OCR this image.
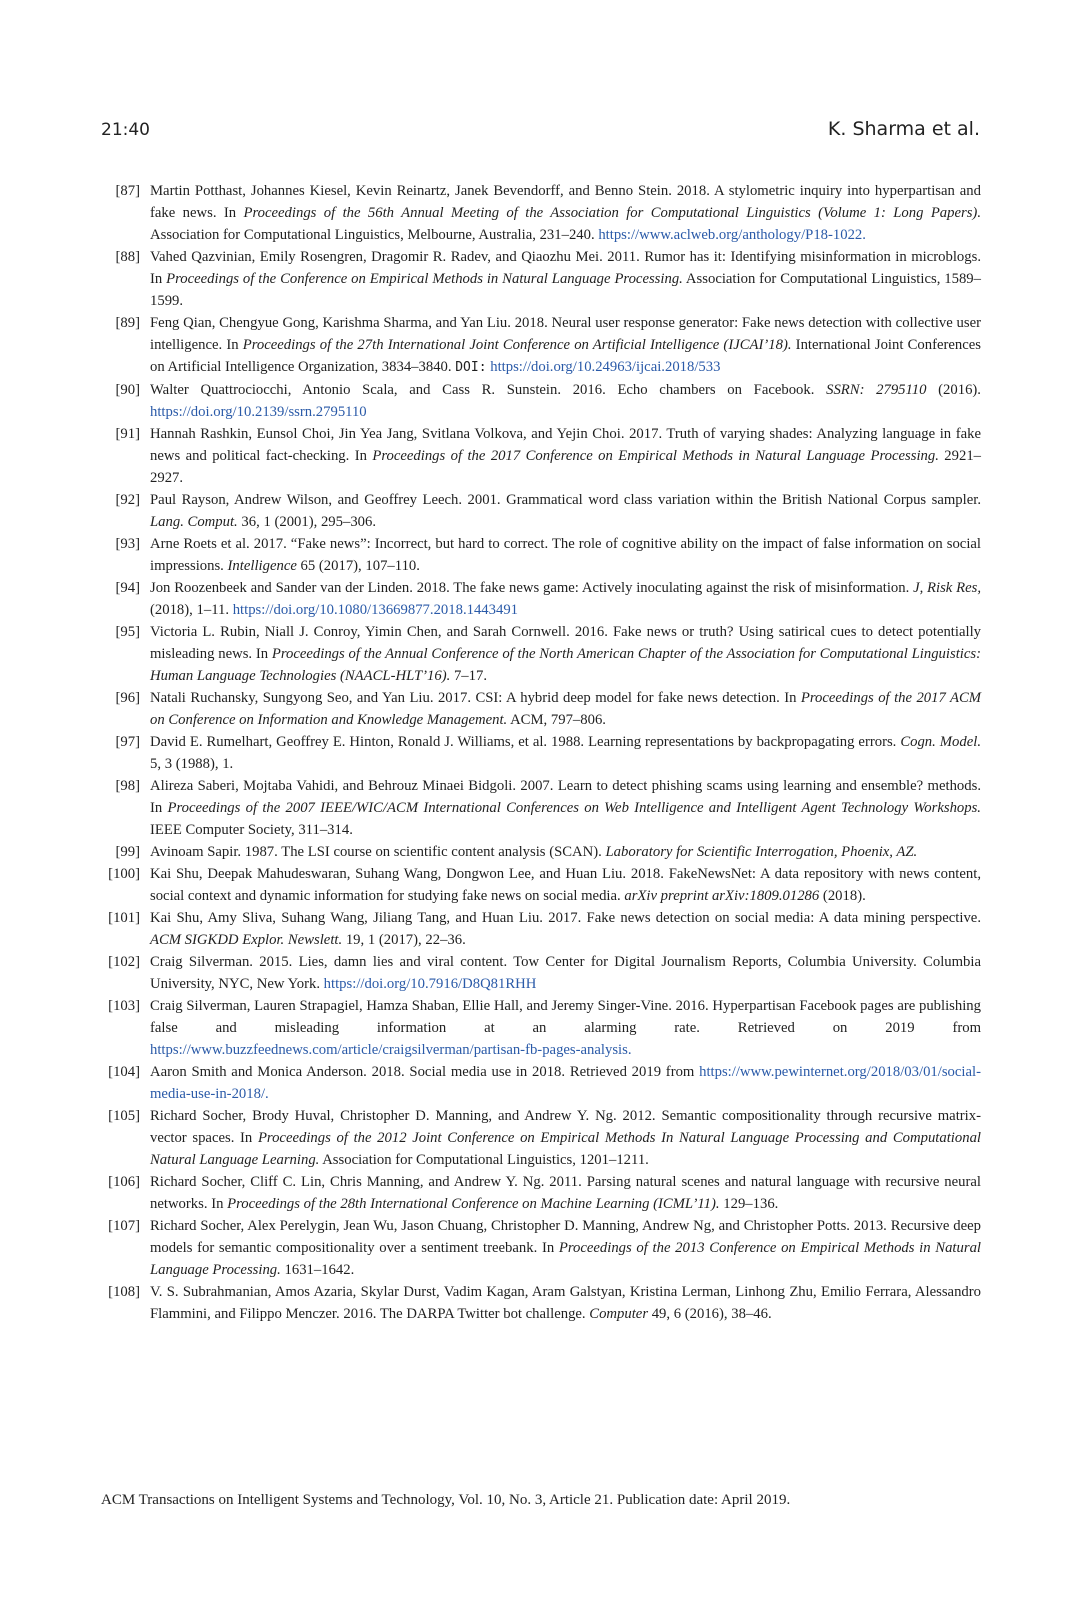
21:40	K. Sharma et al.
[87] Martin Potthast, Johannes Kiesel, Kevin Reinartz, Janek Bevendorff, and Benno Stein. 2018. A stylometric inquiry into hyperpartisan and fake news. In Proceedings of the 56th Annual Meeting of the Association for Computational Linguistics (Volume 1: Long Papers). Association for Computational Linguistics, Melbourne, Australia, 231–240. https://www.aclweb.org/anthology/P18-1022.
[88] Vahed Qazvinian, Emily Rosengren, Dragomir R. Radev, and Qiaozhu Mei. 2011. Rumor has it: Identifying misinformation in microblogs. In Proceedings of the Conference on Empirical Methods in Natural Language Processing. Association for Computational Linguistics, 1589–1599.
[89] Feng Qian, Chengyue Gong, Karishma Sharma, and Yan Liu. 2018. Neural user response generator: Fake news detection with collective user intelligence. In Proceedings of the 27th International Joint Conference on Artificial Intelligence (IJCAI’18). International Joint Conferences on Artificial Intelligence Organization, 3834–3840. DOI: https://doi.org/10.24963/ijcai.2018/533
[90] Walter Quattrociocchi, Antonio Scala, and Cass R. Sunstein. 2016. Echo chambers on Facebook. SSRN: 2795110 (2016). https://doi.org/10.2139/ssrn.2795110
[91] Hannah Rashkin, Eunsol Choi, Jin Yea Jang, Svitlana Volkova, and Yejin Choi. 2017. Truth of varying shades: Analyzing language in fake news and political fact-checking. In Proceedings of the 2017 Conference on Empirical Methods in Natural Language Processing. 2921–2927.
[92] Paul Rayson, Andrew Wilson, and Geoffrey Leech. 2001. Grammatical word class variation within the British National Corpus sampler. Lang. Comput. 36, 1 (2001), 295–306.
[93] Arne Roets et al. 2017. “Fake news”: Incorrect, but hard to correct. The role of cognitive ability on the impact of false information on social impressions. Intelligence 65 (2017), 107–110.
[94] Jon Roozenbeek and Sander van der Linden. 2018. The fake news game: Actively inoculating against the risk of misinformation. J, Risk Res, (2018), 1–11. https://doi.org/10.1080/13669877.2018.1443491
[95] Victoria L. Rubin, Niall J. Conroy, Yimin Chen, and Sarah Cornwell. 2016. Fake news or truth? Using satirical cues to detect potentially misleading news. In Proceedings of the Annual Conference of the North American Chapter of the Association for Computational Linguistics: Human Language Technologies (NAACL-HLT’16). 7–17.
[96] Natali Ruchansky, Sungyong Seo, and Yan Liu. 2017. CSI: A hybrid deep model for fake news detection. In Proceedings of the 2017 ACM on Conference on Information and Knowledge Management. ACM, 797–806.
[97] David E. Rumelhart, Geoffrey E. Hinton, Ronald J. Williams, et al. 1988. Learning representations by backpropagating errors. Cogn. Model. 5, 3 (1988), 1.
[98] Alireza Saberi, Mojtaba Vahidi, and Behrouz Minaei Bidgoli. 2007. Learn to detect phishing scams using learning and ensemble? methods. In Proceedings of the 2007 IEEE/WIC/ACM International Conferences on Web Intelligence and Intelligent Agent Technology Workshops. IEEE Computer Society, 311–314.
[99] Avinoam Sapir. 1987. The LSI course on scientific content analysis (SCAN). Laboratory for Scientific Interrogation, Phoenix, AZ.
[100] Kai Shu, Deepak Mahudeswaran, Suhang Wang, Dongwon Lee, and Huan Liu. 2018. FakeNewsNet: A data repository with news content, social context and dynamic information for studying fake news on social media. arXiv preprint arXiv:1809.01286 (2018).
[101] Kai Shu, Amy Sliva, Suhang Wang, Jiliang Tang, and Huan Liu. 2017. Fake news detection on social media: A data mining perspective. ACM SIGKDD Explor. Newslett. 19, 1 (2017), 22–36.
[102] Craig Silverman. 2015. Lies, damn lies and viral content. Tow Center for Digital Journalism Reports, Columbia University. Columbia University, NYC, New York. https://doi.org/10.7916/D8Q81RHH
[103] Craig Silverman, Lauren Strapagiel, Hamza Shaban, Ellie Hall, and Jeremy Singer-Vine. 2016. Hyperpartisan Facebook pages are publishing false and misleading information at an alarming rate. Retrieved on 2019 from https://www.buzzfeednews.com/article/craigsilverman/partisan-fb-pages-analysis.
[104] Aaron Smith and Monica Anderson. 2018. Social media use in 2018. Retrieved 2019 from https://www.pewinternet.​org/2018/03/01/social-media-use-in-2018/.
[105] Richard Socher, Brody Huval, Christopher D. Manning, and Andrew Y. Ng. 2012. Semantic compositionality through recursive matrix-vector spaces. In Proceedings of the 2012 Joint Conference on Empirical Methods In Natural Language Processing and Computational Natural Language Learning. Association for Computational Linguistics, 1201–1211.
[106] Richard Socher, Cliff C. Lin, Chris Manning, and Andrew Y. Ng. 2011. Parsing natural scenes and natural language with recursive neural networks. In Proceedings of the 28th International Conference on Machine Learning (ICML’11). 129–136.
[107] Richard Socher, Alex Perelygin, Jean Wu, Jason Chuang, Christopher D. Manning, Andrew Ng, and Christopher Potts. 2013. Recursive deep models for semantic compositionality over a sentiment treebank. In Proceedings of the 2013 Conference on Empirical Methods in Natural Language Processing. 1631–1642.
[108] V. S. Subrahmanian, Amos Azaria, Skylar Durst, Vadim Kagan, Aram Galstyan, Kristina Lerman, Linhong Zhu, Emilio Ferrara, Alessandro Flammini, and Filippo Menczer. 2016. The DARPA Twitter bot challenge. Computer 49, 6 (2016), 38–46.
ACM Transactions on Intelligent Systems and Technology, Vol. 10, No. 3, Article 21. Publication date: April 2019.
